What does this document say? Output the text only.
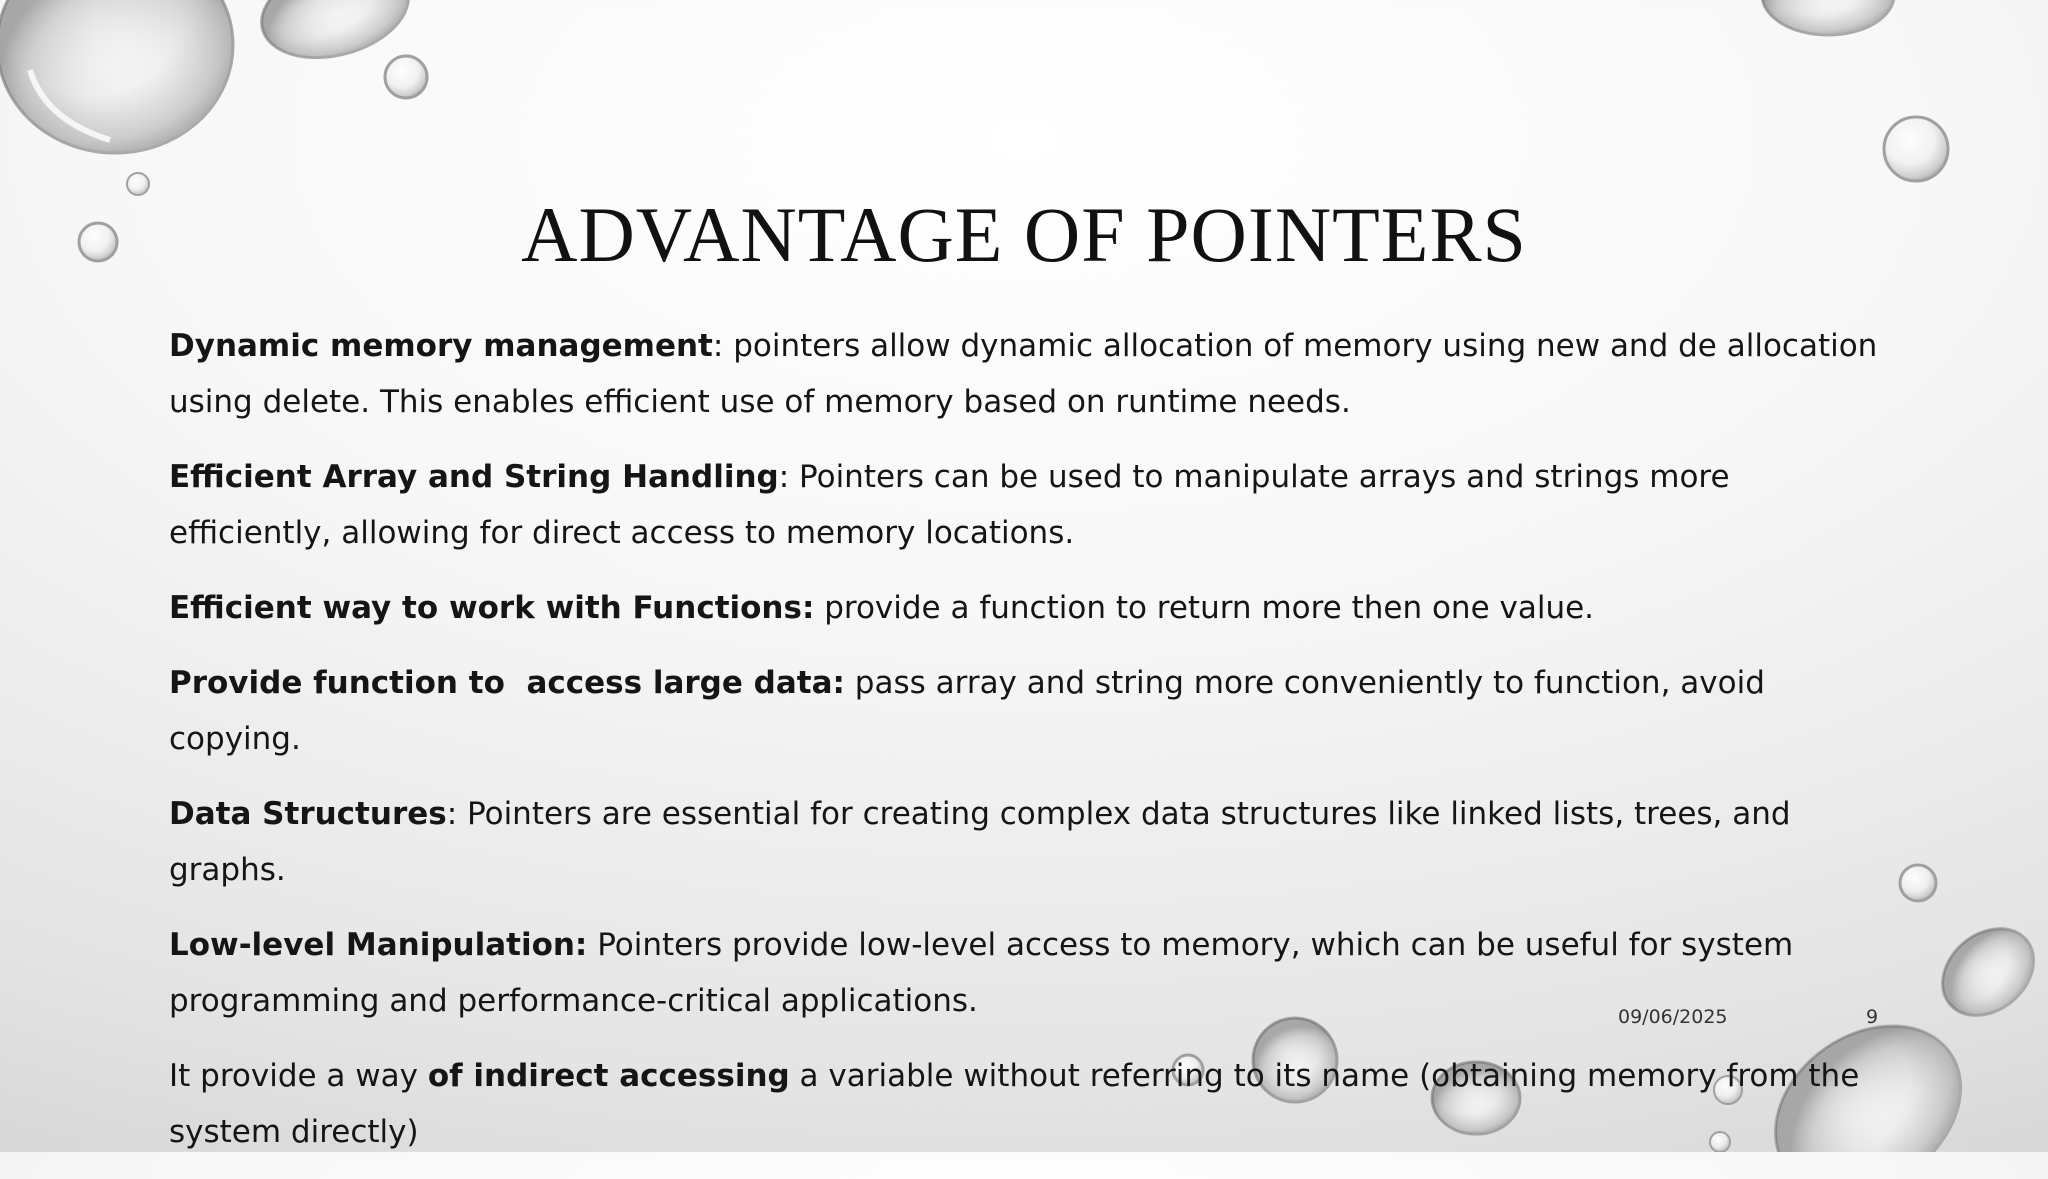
ADVANTAGE OF POINTERS

Dynamic memory management: pointers allow dynamic allocation of memory using new and de allocation using delete. This enables efficient use of memory based on runtime needs.

Efficient Array and String Handling: Pointers can be used to manipulate arrays and strings more efficiently, allowing for direct access to memory locations.

Efficient way to work with Functions: provide a function to return more then one value.

Provide function to  access large data: pass array and string more conveniently to function, avoid copying.

Data Structures: Pointers are essential for creating complex data structures like linked lists, trees, and graphs.

Low-level Manipulation: Pointers provide low-level access to memory, which can be useful for system programming and performance-critical applications.

It provide a way of indirect accessing a variable without referring to its name (obtaining memory from the system directly)

09/06/2025	9
